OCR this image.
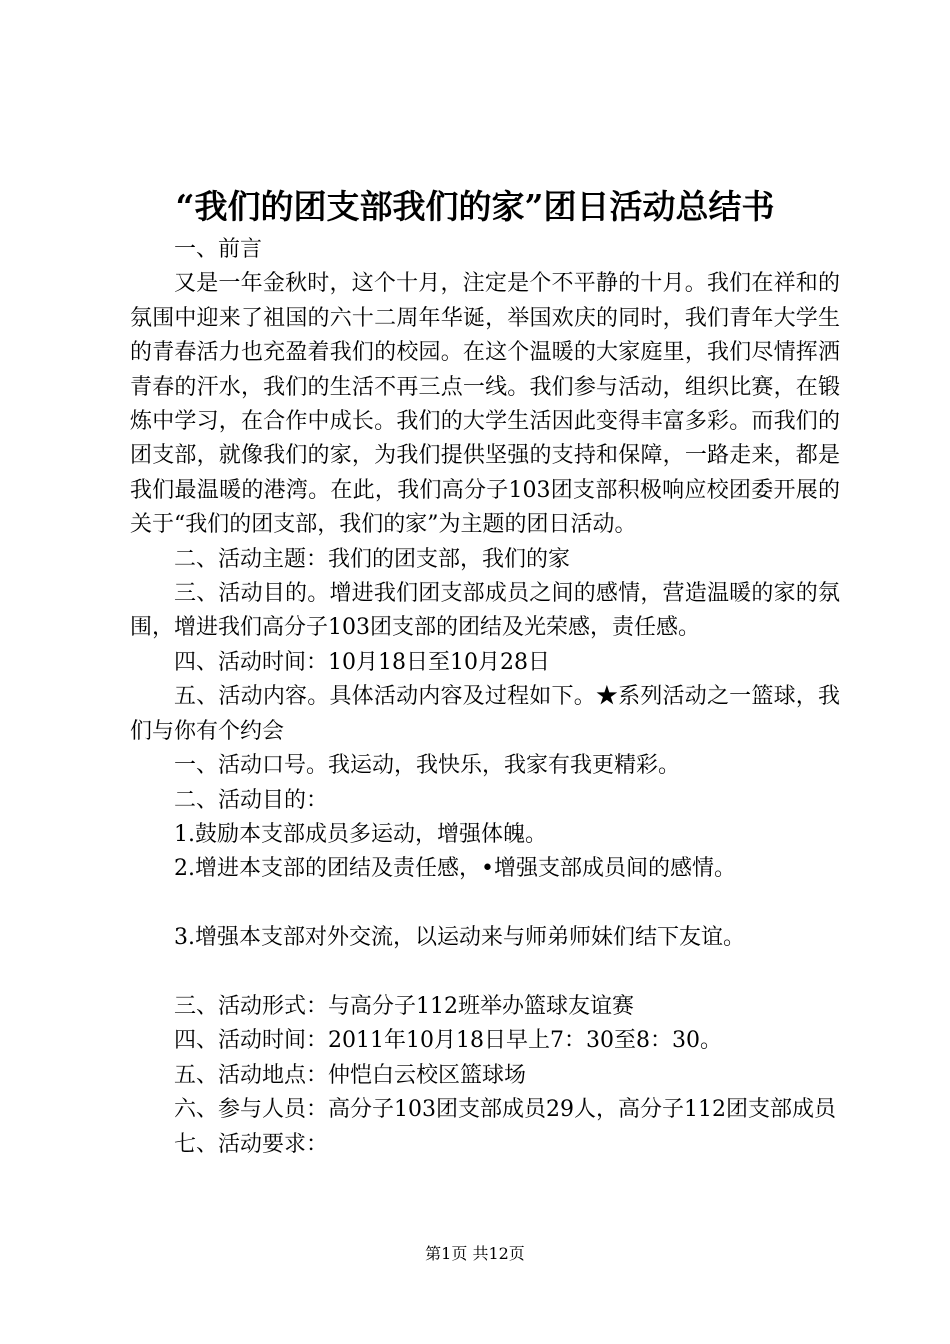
“我们的团支部我们的家”团日活动总结书

一、前言

又是一年金秋时，这个十月，注定是个不平静的十月。我们在祥和的氛围中迎来了祖国的六十二周年华诞，举国欢庆的同时，我们青年大学生的青春活力也充盈着我们的校园。在这个温暖的大家庭里，我们尽情挥洒青春的汗水，我们的生活不再三点一线。我们参与活动，组织比赛，在锻炼中学习，在合作中成长。我们的大学生活因此变得丰富多彩。而我们的团支部，就像我们的家，为我们提供坚强的支持和保障，一路走来，都是我们最温暖的港湾。在此，我们高分子103团支部积极响应校团委开展的关于“我们的团支部，我们的家”为主题的团日活动。

二、活动主题：我们的团支部，我们的家

三、活动目的。增进我们团支部成员之间的感情，营造温暖的家的氛围，增进我们高分子103团支部的团结及光荣感，责任感。

四、活动时间：10月18日至10月28日

五、活动内容。具体活动内容及过程如下。★系列活动之一篮球，我们与你有个约会

一、活动口号。我运动，我快乐，我家有我更精彩。

二、活动目的：

1.鼓励本支部成员多运动，增强体魄。

2.增进本支部的团结及责任感，•增强支部成员间的感情。

3.增强本支部对外交流，以运动来与师弟师妹们结下友谊。

三、活动形式：与高分子112班举办篮球友谊赛

四、活动时间：2011年10月18日早上7：30至8：30。

五、活动地点：仲恺白云校区篮球场

六、参与人员：高分子103团支部成员29人，高分子112团支部成员

七、活动要求：

第1页 共12页
